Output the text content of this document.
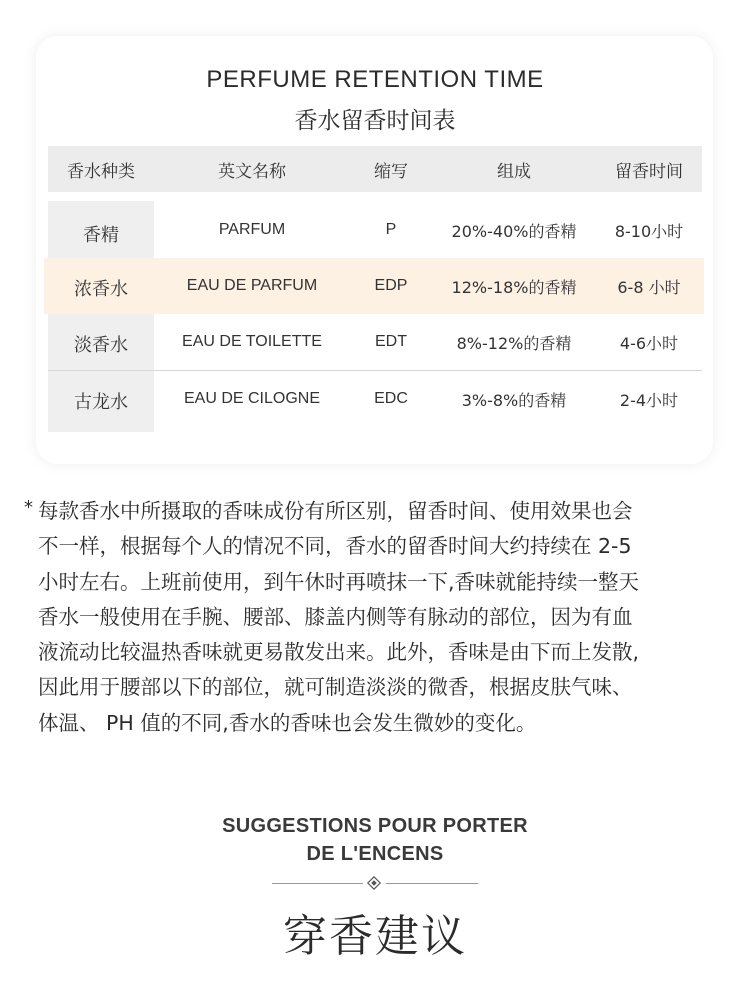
PERFUME RETENTION TIME
香水留香时间表
香水种类	英文名称	缩写	组成	留香时间
香精	PARFUM	P	20%-40%的香精	8-10小时
浓香水	EAU DE PARFUM	EDP	12%-18%的香精	6-8 小时
淡香水	EAU DE TOILETTE	EDT	8%-12%的香精	4-6小时
古龙水	EAU DE CILOGNE	EDC	3%-8%的香精	2-4小时
* 每款香水中所摄取的香味成份有所区别，留香时间、使用效果也会
不一样，根据每个人的情况不同，香水的留香时间大约持续在 2-5
小时左右。上班前使用，到午休时再喷抹一下,香味就能持续一整天
香水一般使用在手腕、腰部、膝盖内侧等有脉动的部位，因为有血
液流动比较温热香味就更易散发出来。此外，香味是由下而上发散,
因此用于腰部以下的部位，就可制造淡淡的微香，根据皮肤气味、
体温、 PH 值的不同,香水的香味也会发生微妙的变化。
SUGGESTIONS POUR PORTER
DE L'ENCENS
穿香建议
